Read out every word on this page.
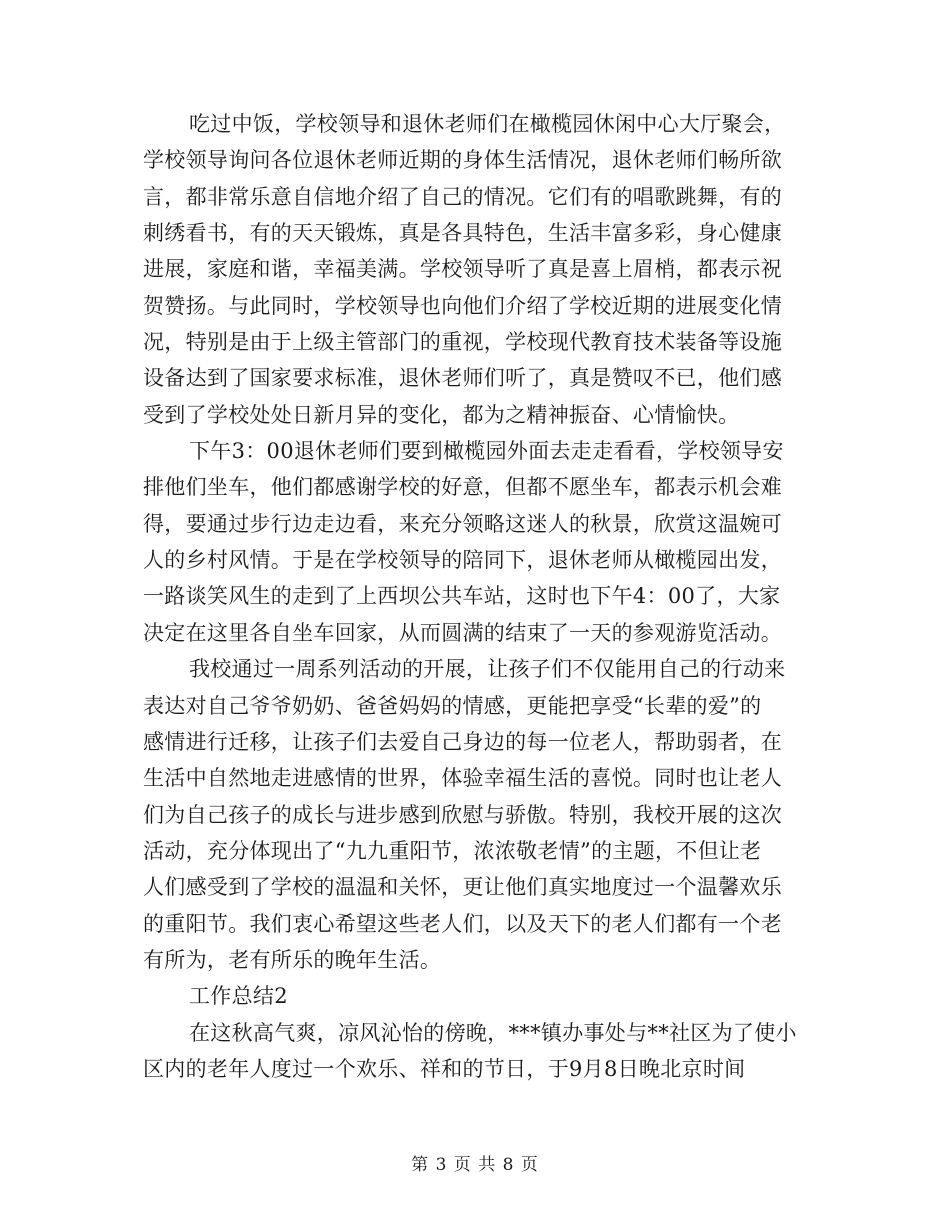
吃过中饭，学校领导和退休老师们在橄榄园休闲中心大厅聚会，
学校领导询问各位退休老师近期的身体生活情况，退休老师们畅所欲
言，都非常乐意自信地介绍了自己的情况。它们有的唱歌跳舞，有的
刺绣看书，有的天天锻炼，真是各具特色，生活丰富多彩，身心健康
进展，家庭和谐，幸福美满。学校领导听了真是喜上眉梢，都表示祝
贺赞扬。与此同时，学校领导也向他们介绍了学校近期的进展变化情
况，特别是由于上级主管部门的重视，学校现代教育技术装备等设施
设备达到了国家要求标准，退休老师们听了，真是赞叹不已，他们感
受到了学校处处日新月异的变化，都为之精神振奋、心情愉快。
下午3：00退休老师们要到橄榄园外面去走走看看，学校领导安
排他们坐车，他们都感谢学校的好意，但都不愿坐车，都表示机会难
得，要通过步行边走边看，来充分领略这迷人的秋景，欣赏这温婉可
人的乡村风情。于是在学校领导的陪同下，退休老师从橄榄园出发，
一路谈笑风生的走到了上西坝公共车站，这时也下午4：00了，大家
决定在这里各自坐车回家，从而圆满的结束了一天的参观游览活动。
我校通过一周系列活动的开展，让孩子们不仅能用自己的行动来
表达对自己爷爷奶奶、爸爸妈妈的情感，更能把享受“长辈的爱”的
感情进行迁移，让孩子们去爱自己身边的每一位老人，帮助弱者，在
生活中自然地走进感情的世界，体验幸福生活的喜悦。同时也让老人
们为自己孩子的成长与进步感到欣慰与骄傲。特别，我校开展的这次
活动，充分体现出了“九九重阳节，浓浓敬老情”的主题，不但让老
人们感受到了学校的温温和关怀，更让他们真实地度过一个温馨欢乐
的重阳节。我们衷心希望这些老人们，以及天下的老人们都有一个老
有所为，老有所乐的晚年生活。
工作总结2
在这秋高气爽，凉风沁怡的傍晚，***镇办事处与**社区为了使小
区内的老年人度过一个欢乐、祥和的节日，于9月8日晚北京时间
第 3 页 共 8 页
